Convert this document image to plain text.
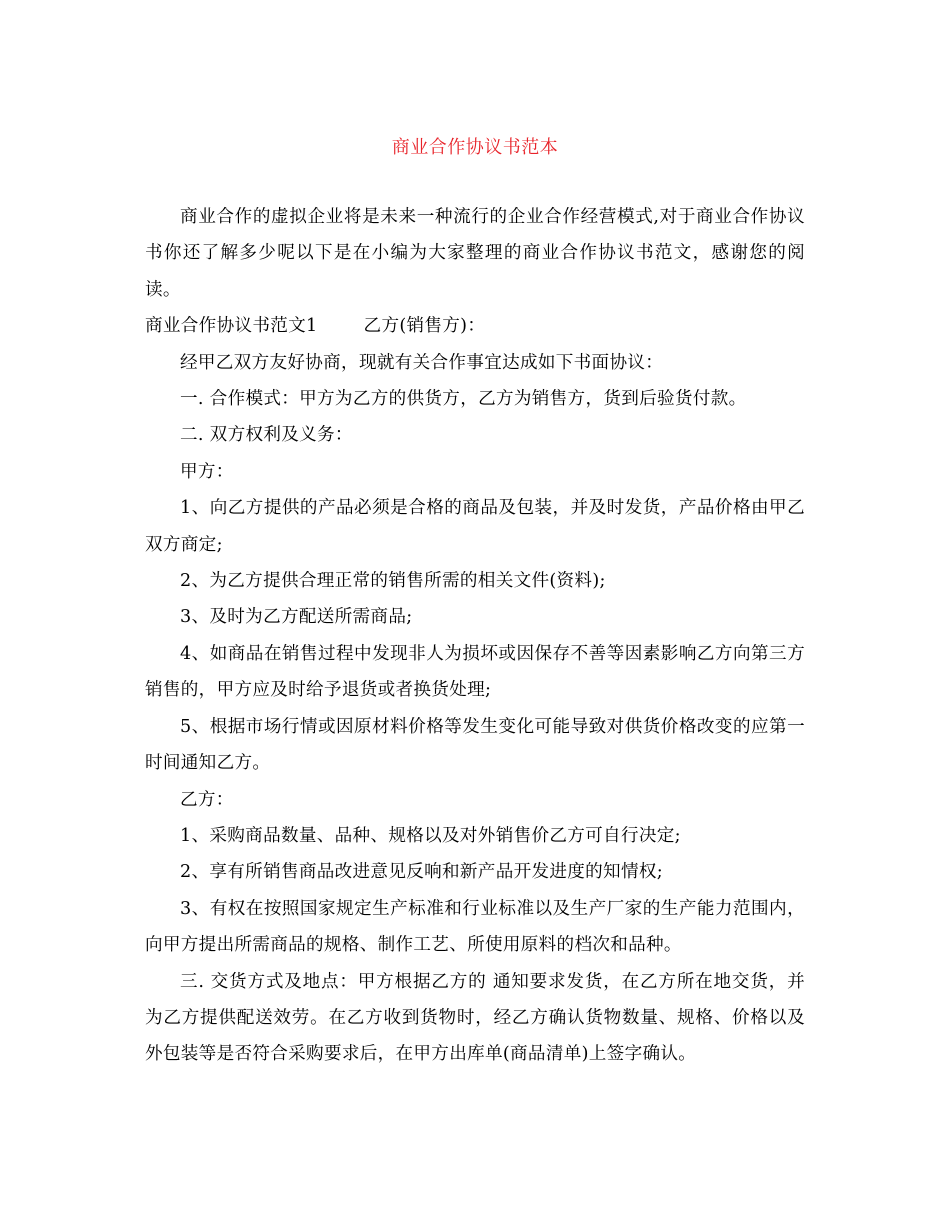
商业合作协议书范本

商业合作的虚拟企业将是未来一种流行的企业合作经营模式,对于商业合作协议书你还了解多少呢以下是在小编为大家整理的商业合作协议书范文，感谢您的阅读。

商业合作协议书范文1	乙方(销售方)：

经甲乙双方友好协商，现就有关合作事宜达成如下书面协议：

一. 合作模式：甲方为乙方的供货方，乙方为销售方，货到后验货付款。

二. 双方权利及义务：

甲方：

1、向乙方提供的产品必须是合格的商品及包装，并及时发货，产品价格由甲乙双方商定;

2、为乙方提供合理正常的销售所需的相关文件(资料);

3、及时为乙方配送所需商品;

4、如商品在销售过程中发现非人为损坏或因保存不善等因素影响乙方向第三方销售的，甲方应及时给予退货或者换货处理;

5、根据市场行情或因原材料价格等发生变化可能导致对供货价格改变的应第一时间通知乙方。

乙方：

1、采购商品数量、品种、规格以及对外销售价乙方可自行决定;

2、享有所销售商品改进意见反响和新产品开发进度的知情权;

3、有权在按照国家规定生产标准和行业标准以及生产厂家的生产能力范围内，向甲方提出所需商品的规格、制作工艺、所使用原料的档次和品种。

三. 交货方式及地点：甲方根据乙方的 通知要求发货，在乙方所在地交货，并为乙方提供配送效劳。在乙方收到货物时，经乙方确认货物数量、规格、价格以及外包装等是否符合采购要求后，在甲方出库单(商品清单)上签字确认。
